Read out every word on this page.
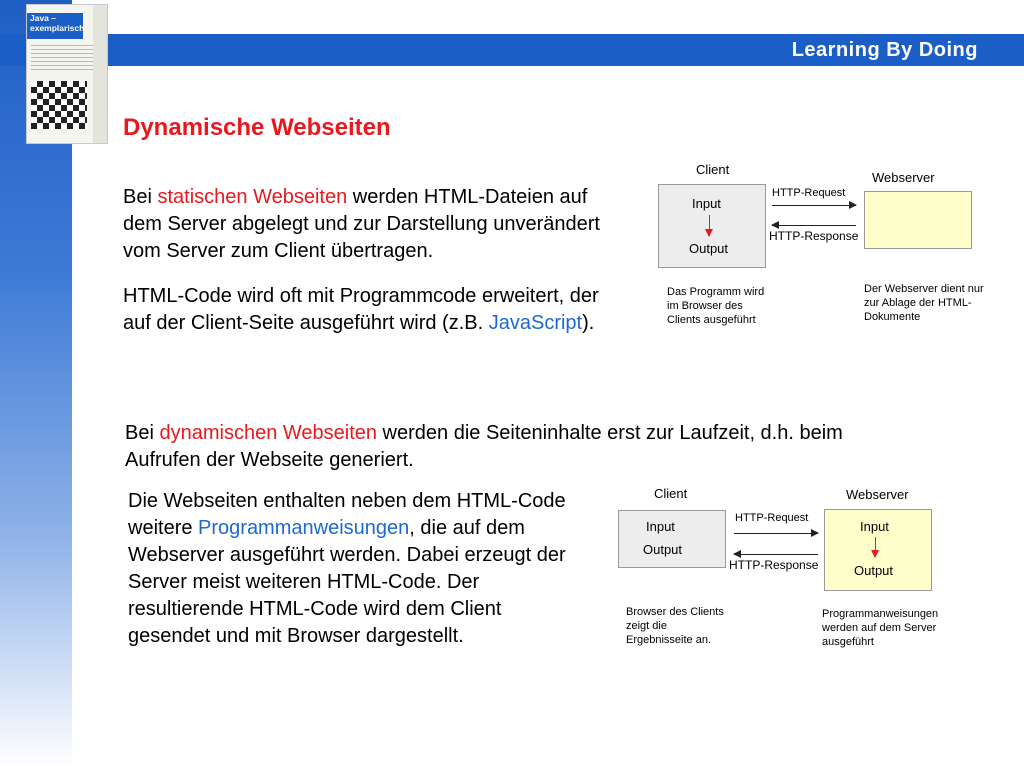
Learning By Doing
Java –
exemplarisch
Dynamische Webseiten
Bei statischen Webseiten werden HTML-Dateien auf dem Server abgelegt und zur Darstellung unverändert vom Server zum Client übertragen.
HTML-Code wird oft mit Programmcode erweitert, der auf der Client-Seite ausgeführt wird (z.B. JavaScript).
Bei dynamischen Webseiten werden die Seiteninhalte erst zur Laufzeit, d.h. beim Aufrufen der Webseite generiert.
Die Webseiten enthalten neben dem HTML-Code weitere Programmanweisungen, die auf dem Webserver ausgeführt werden. Dabei erzeugt der Server meist weiteren HTML-Code. Der resultierende HTML-Code wird dem Client gesendet und mit Browser dargestellt.
Client
Webserver
Input
Output
HTTP-Request
HTTP-Response
Das Programm wird im Browser des Clients ausgeführt
Der Webserver dient nur zur Ablage der HTML-Dokumente
Client	Webserver
Input
Output
HTTP-Request
HTTP-Response
Input
Output
Browser des Clients zeigt die Ergebnisseite an.
Programmanweisungen werden auf dem Server ausgeführt
